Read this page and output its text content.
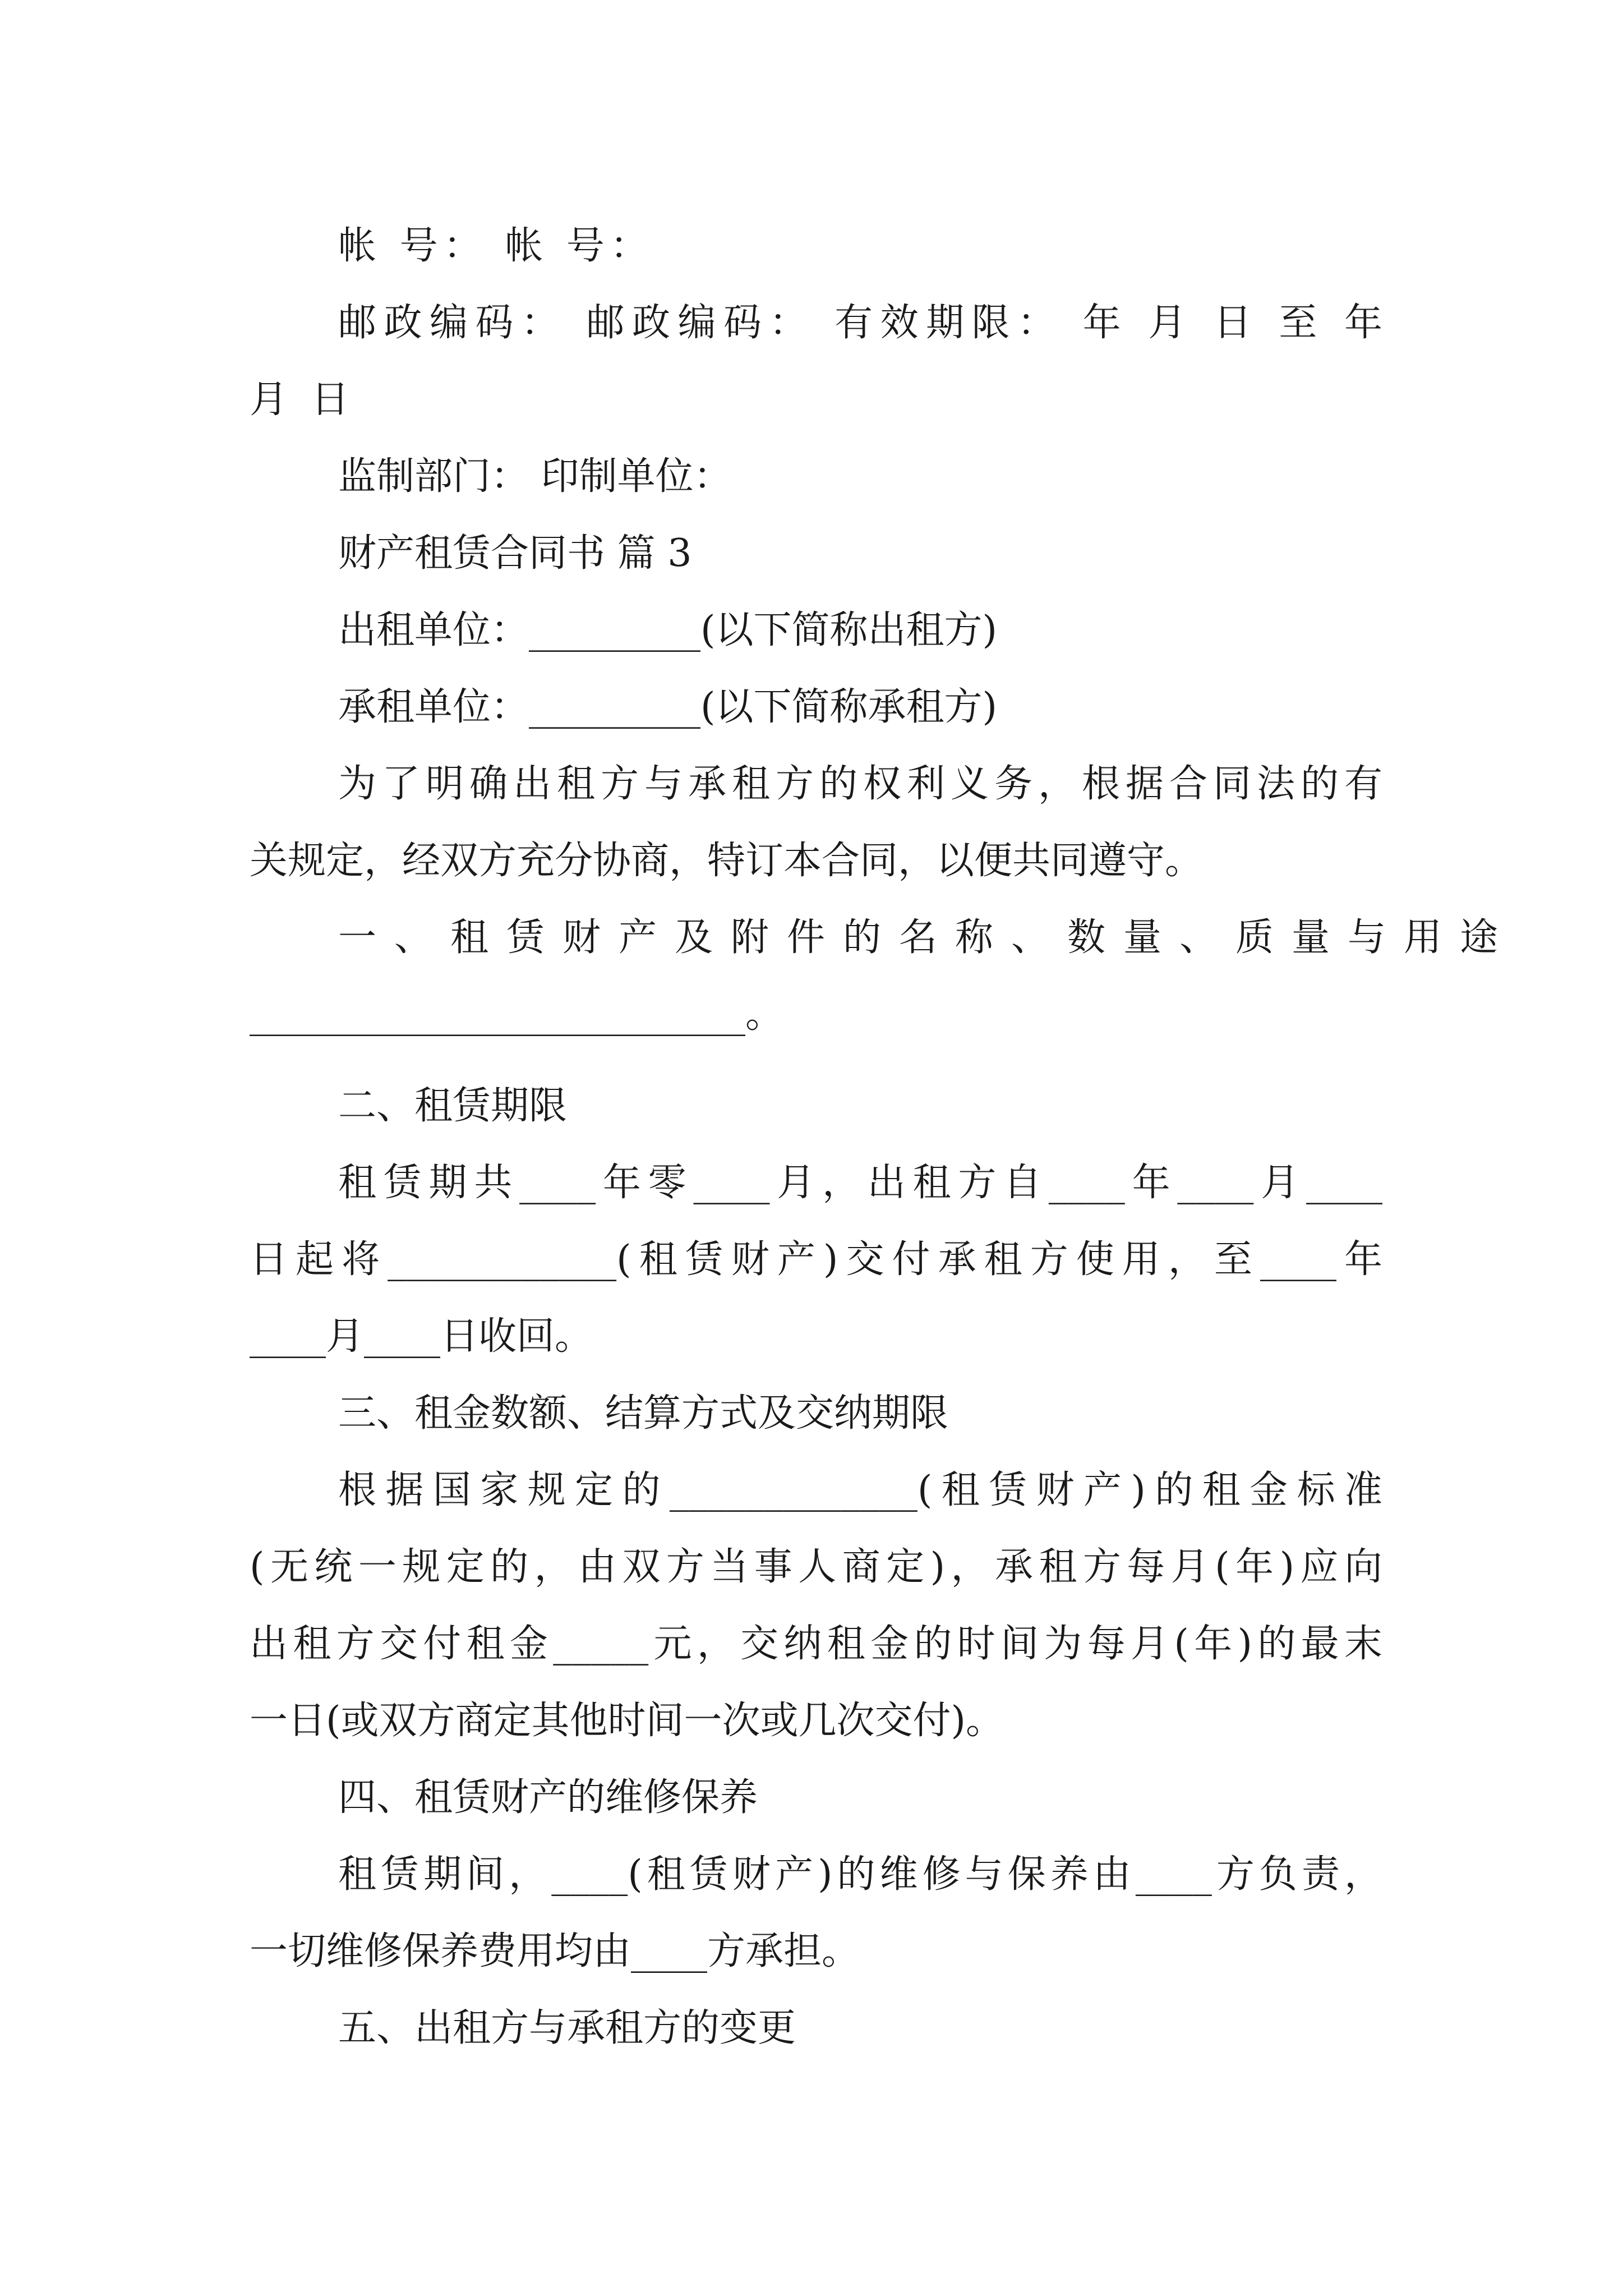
帐 号： 帐 号：
邮政编码： 邮政编码： 有效期限： 年 月 日 至 年
月 日
监制部门： 印制单位：
财产租赁合同书 篇 3
出租单位：_________(以下简称出租方)
承租单位：_________(以下简称承租方)
为了明确出租方与承租方的权利义务，根据合同法的有
关规定，经双方充分协商，特订本合同，以便共同遵守。
一、租赁财产及附件的名称、数量、质量与用途
__________________________。
二、租赁期限
租赁期共____年零____月，出租方自____年____月____
日起将____________(租赁财产)交付承租方使用，至____年
____月____日收回。
三、租金数额、结算方式及交纳期限
根据国家规定的_____________(租赁财产)的租金标准
(无统一规定的，由双方当事人商定)，承租方每月(年)应向
出租方交付租金_____元，交纳租金的时间为每月(年)的最末
一日(或双方商定其他时间一次或几次交付)。
四、租赁财产的维修保养
租赁期间，____(租赁财产)的维修与保养由____方负责，
一切维修保养费用均由____方承担。
五、出租方与承租方的变更
